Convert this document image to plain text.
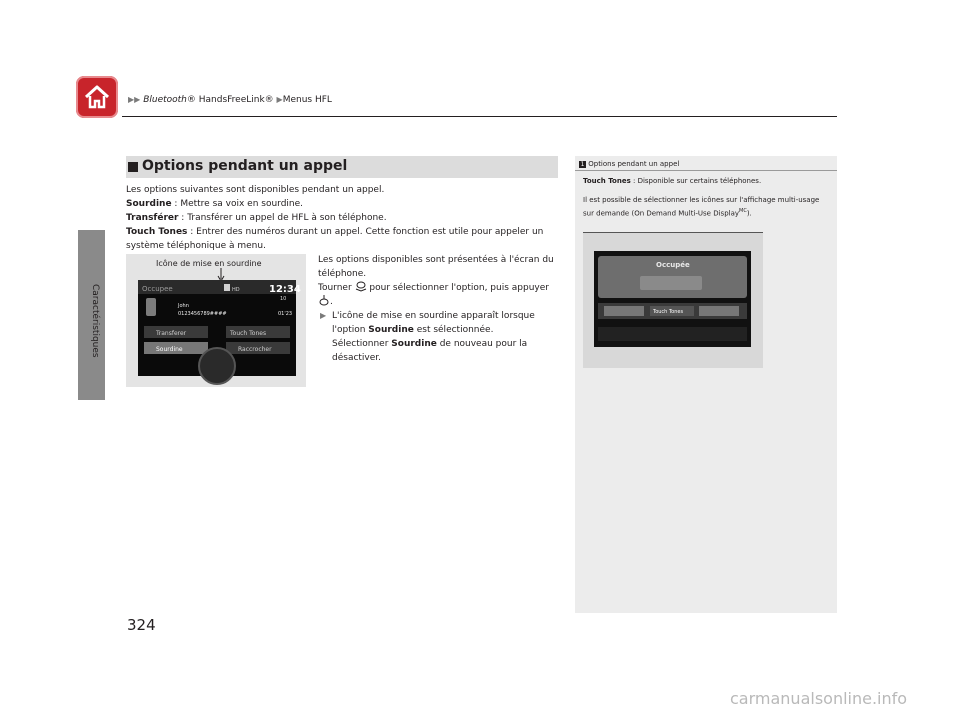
▶▶ Bluetooth® HandsFreeLink® ▶Menus HFL
Caractéristiques
Options pendant un appel

Les options suivantes sont disponibles pendant un appel.

Sourdine : Mettre sa voix en sourdine.

Transférer : Transférer un appel de HFL à son téléphone.

Touch Tones : Entrer des numéros durant un appel. Cette fonction est utile pour appeler un système téléphonique à menu.

Icône de mise en sourdine
Occupee	HD	12:34
10
John
0123456789####	01'23
Transferer	Touch Tones
Sourdine	Raccrocher

Les options disponibles sont présentées à l'écran du téléphone.

Tourner  pour sélectionner l'option, puis appuyer .

▶ L'icône de mise en sourdine apparaît lorsque l'option Sourdine est sélectionnée.
Sélectionner Sourdine de nouveau pour la désactiver.

1 Options pendant un appel

Touch Tones : Disponible sur certains téléphones.

Il est possible de sélectionner les icônes sur l'affichage multi-usage sur demande (On Demand Multi-Use Display$^{MC}$).

Occupée
Touch Tones
324
carmanualsonline.info
